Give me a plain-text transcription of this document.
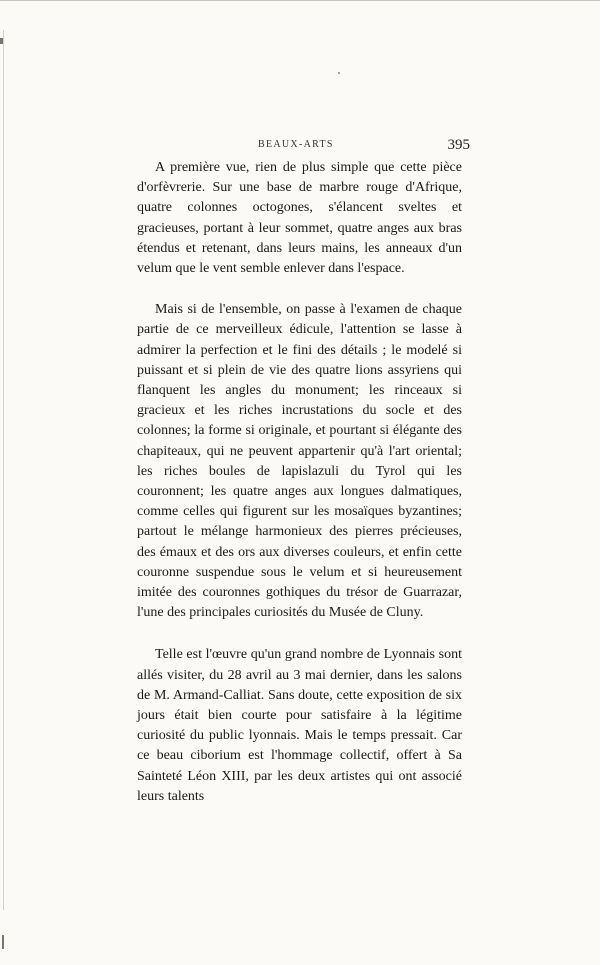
BEAUX-ARTS	395

A première vue, rien de plus simple que cette pièce d'orfèvrerie. Sur une base de marbre rouge d'Afrique, quatre colonnes octogones, s'élancent sveltes et gracieuses, portant à leur sommet, quatre anges aux bras étendus et retenant, dans leurs mains, les anneaux d'un velum que le vent semble enlever dans l'espace.

Mais si de l'ensemble, on passe à l'examen de chaque partie de ce merveilleux édicule, l'attention se lasse à admirer la perfection et le fini des détails ; le modelé si puissant et si plein de vie des quatre lions assyriens qui flanquent les angles du monument; les rinceaux si gracieux et les riches incrustations du socle et des colonnes; la forme si originale, et pourtant si élégante des chapiteaux, qui ne peuvent appartenir qu'à l'art oriental; les riches boules de lapislazuli du Tyrol qui les couronnent; les quatre anges aux longues dalmatiques, comme celles qui figurent sur les mosaïques byzantines; partout le mélange harmonieux des pierres précieuses, des émaux et des ors aux diverses couleurs, et enfin cette couronne suspendue sous le velum et si heureusement imitée des couronnes gothiques du trésor de Guarrazar, l'une des principales curiosités du Musée de Cluny.

Telle est l'œuvre qu'un grand nombre de Lyonnais sont allés visiter, du 28 avril au 3 mai dernier, dans les salons de M. Armand-Calliat. Sans doute, cette exposition de six jours était bien courte pour satisfaire à la légitime curiosité du public lyonnais. Mais le temps pressait. Car ce beau ciborium est l'hommage collectif, offert à Sa Sainteté Léon XIII, par les deux artistes qui ont associé leurs talents
